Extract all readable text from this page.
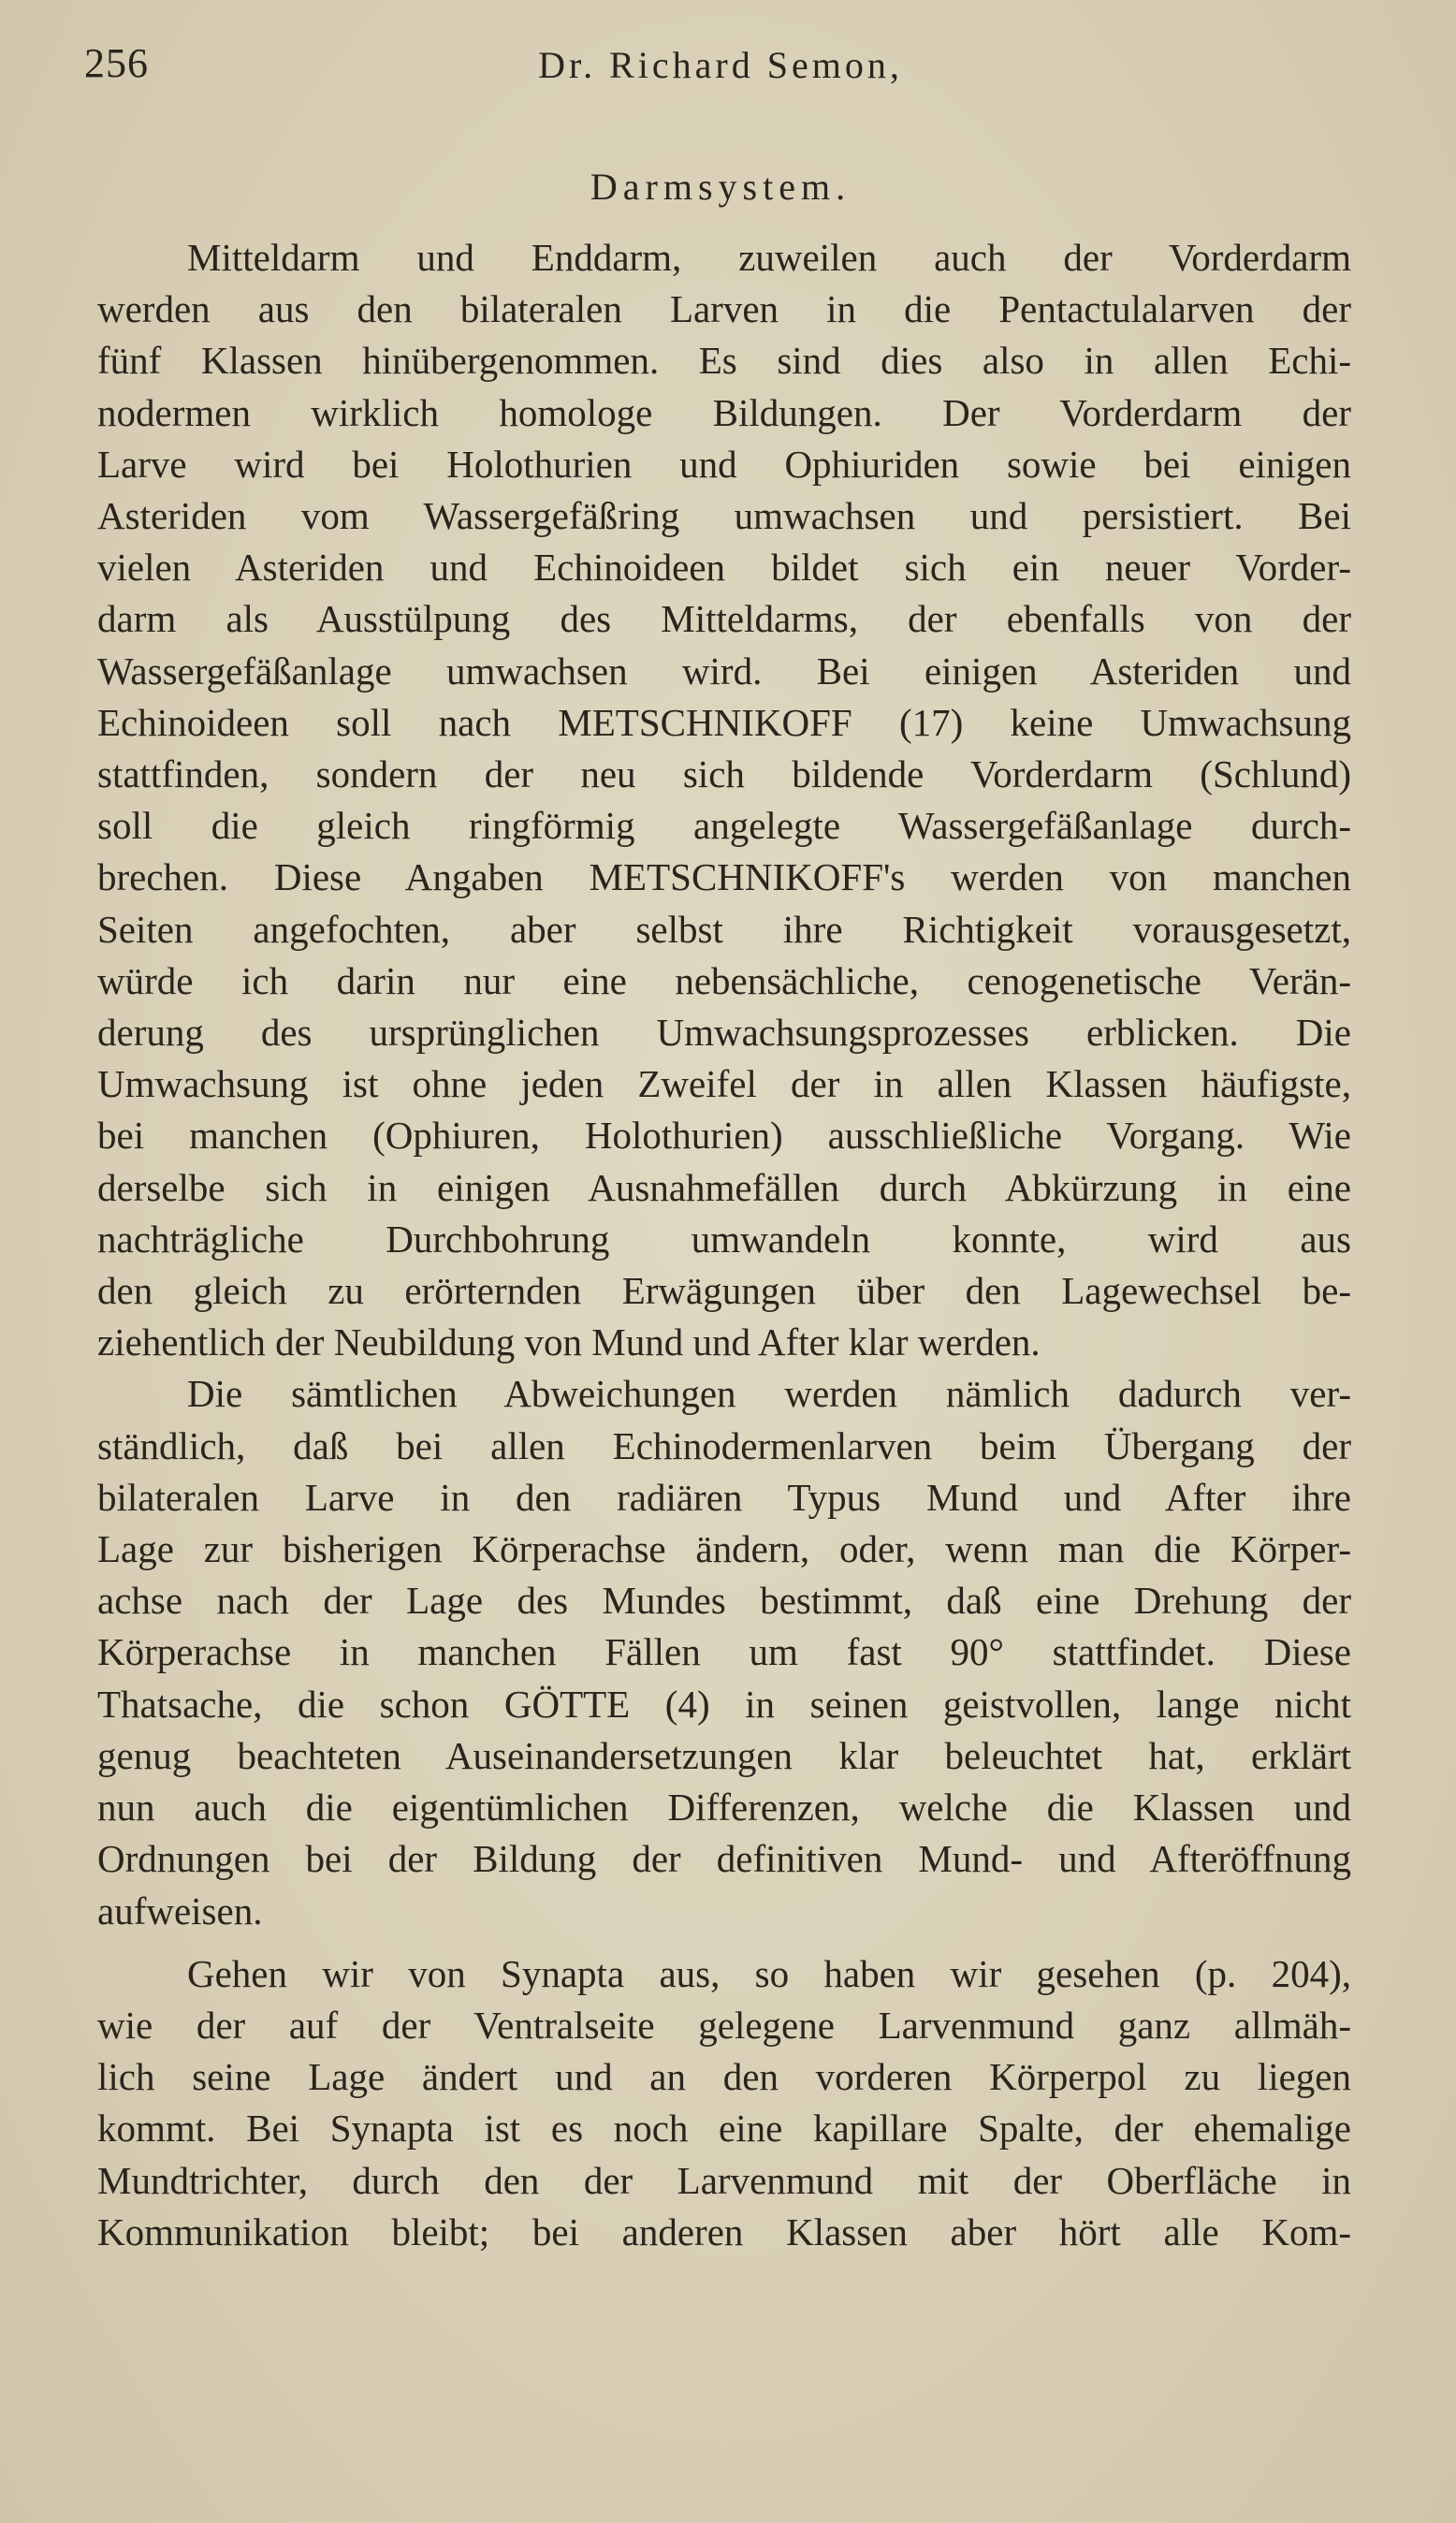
256	Dr. Richard Semon,
Darmsystem.
Mitteldarm und Enddarm, zuweilen auch der Vorderdarm
werden aus den bilateralen Larven in die Pentactulalarven der
fünf Klassen hinübergenommen. Es sind dies also in allen Echi-
nodermen wirklich homologe Bildungen. Der Vorderdarm der
Larve wird bei Holothurien und Ophiuriden sowie bei einigen
Asteriden vom Wassergefäßring umwachsen und persistiert. Bei
vielen Asteriden und Echinoideen bildet sich ein neuer Vorder-
darm als Ausstülpung des Mitteldarms, der ebenfalls von der
Wassergefäßanlage umwachsen wird. Bei einigen Asteriden und
Echinoideen soll nach METSCHNIKOFF (17) keine Umwachsung
stattfinden, sondern der neu sich bildende Vorderdarm (Schlund)
soll die gleich ringförmig angelegte Wassergefäßanlage durch-
brechen. Diese Angaben METSCHNIKOFF's werden von manchen
Seiten angefochten, aber selbst ihre Richtigkeit vorausgesetzt,
würde ich darin nur eine nebensächliche, cenogenetische Verän-
derung des ursprünglichen Umwachsungsprozesses erblicken. Die
Umwachsung ist ohne jeden Zweifel der in allen Klassen häufigste,
bei manchen (Ophiuren, Holothurien) ausschließliche Vorgang. Wie
derselbe sich in einigen Ausnahmefällen durch Abkürzung in eine
nachträgliche Durchbohrung umwandeln konnte, wird aus
den gleich zu erörternden Erwägungen über den Lagewechsel be-
ziehentlich der Neubildung von Mund und After klar werden.
Die sämtlichen Abweichungen werden nämlich dadurch ver-
ständlich, daß bei allen Echinodermenlarven beim Übergang der
bilateralen Larve in den radiären Typus Mund und After ihre
Lage zur bisherigen Körperachse ändern, oder, wenn man die Körper-
achse nach der Lage des Mundes bestimmt, daß eine Drehung der
Körperachse in manchen Fällen um fast 90° stattfindet. Diese
Thatsache, die schon GÖTTE (4) in seinen geistvollen, lange nicht
genug beachteten Auseinandersetzungen klar beleuchtet hat, erklärt
nun auch die eigentümlichen Differenzen, welche die Klassen und
Ordnungen bei der Bildung der definitiven Mund- und Afteröffnung
aufweisen.
Gehen wir von Synapta aus, so haben wir gesehen (p. 204),
wie der auf der Ventralseite gelegene Larvenmund ganz allmäh-
lich seine Lage ändert und an den vorderen Körperpol zu liegen
kommt. Bei Synapta ist es noch eine kapillare Spalte, der ehemalige
Mundtrichter, durch den der Larvenmund mit der Oberfläche in
Kommunikation bleibt; bei anderen Klassen aber hört alle Kom-
